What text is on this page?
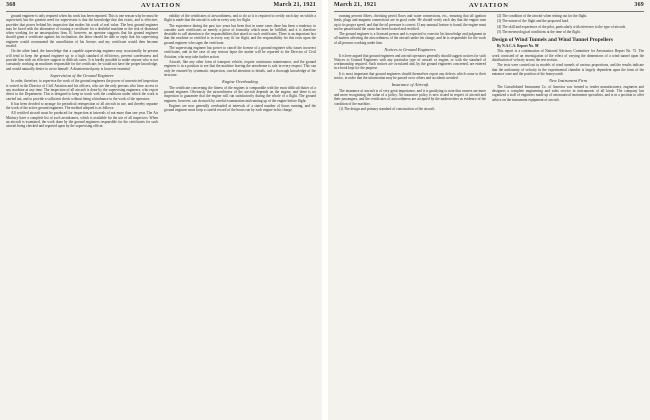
368	AVIATION	March 21, 1921

ground engineer is only required when his work has been repaired. This is one reason why he must be supervised, but the greatest need for supervision is that the knowledge that this exists, and is effective, provides that power behind his inspection that makes his work of real value. The best ground engineer may be faced with the alternative of issuing a certificate for a doubtful machine or the risk of dismissal when working for an unscrupulous firm. If, however, an operator suggests that his ground engineer should grant a certificate against his inclination, the latter should be able to reply that his supervising engineer would recommend the cancellation of his license, and my certificate would then become invalid.

On the other hand, the knowledge that a capable supervising engineer may occasionally be present will tend to keep the ground engineer up to a high standard of efficiency, prevent carelessness and provide him with an effective support in difficult cases. It is hardly possible to make anyone who is not constantly working on machines responsible for the certificate; he would not have the proper knowledge, and would naturally desire to cover himself. A disinterested party is however essential.

Supervision of the Ground Engineer

In order, therefore, to supervise the work of the ground engineers the power of unrestricted inspection is vested in the Director of Civil Aviation and his officers, who are the only persons who have access to any machine at any time. The inspection of all aircraft is done by the supervising engineers, who report direct to the Department. This is designed to keep in touch with the conditions under which the work is carried out, and to provide a sufficient check without being a hindrance to the work of the operators.

It has been decided to arrange for periodical reinspection of all aircraft in use, and thereby separate the work of the active ground engineers. The method adopted is as follows:

All certified aircraft must be produced for inspection at intervals of not more than one year. The Air Ministry have a complete list of such aerodromes, which is available for the use of all inspectors. When an aircraft is examined, the work done by the ground engineers responsible for the certificates for such aircraft being checked and reported upon by the supervising officer.

validity of the certificates of airworthiness, and to do so it is required to certify each day on which a flight is made that the aircraft is safe in every way for flight.

The experience during the past two years has been that in some cases there has been a tendency to consider such certificates as merely a piece of formality which must be fulfilled, and it is therefore desirable to call attention to the responsibilities that attach to such certificates. There is an important fact that the machine so certified is in every way fit for flight, and the responsibility for this rests upon the ground engineer who signs the certificate.

The supervising engineer has power to cancel the license of a ground engineer who issues incorrect certificates, and in the case of any serious lapse the matter will be reported to the Director of Civil Aviation, who may take further action.

Aircraft, like any other form of transport vehicle, require continuous maintenance, and the ground engineer is in a position to see that the machine leaving the aerodrome is safe in every respect. This can only be ensured by systematic inspection, careful attention to details, and a thorough knowledge of the structure.

Engine Overhauling

The certificate concerning the fitness of the engines is comparable with the most difficult duties of a ground engineer. Obviously the airworthiness of the aircraft depends on the engine, and there is no inspection to guarantee that the engine will run satisfactorily during the whole of a flight. The ground engineer, however, can do much by careful examination and running up of the engine before flight.

Engines are now generally overhauled at intervals of a stated number of hours running, and the ground engineer must keep a careful record of the hours run by each engine in his charge.

March 21, 1921	AVIATION	369

running percent filters, checking petrol flows and water connections, etc., ensuring that all ignition leads, plugs and magneto connections are in good order. He should verify each day that the engine runs up to its proper speed, and that the oil pressure is correct. If any unusual feature is found, the engine must not be passed until the cause has been located and rectified.

The ground engineer is a licensed person and is expected to exercise his knowledge and judgment in all matters affecting the airworthiness of the aircraft under his charge, and he is responsible for the work of all persons working under him.

Notices to Ground Engineers

It is here argued that ground engineers and aircraft operators generally should suggest notices for such Notices to Ground Engineers with any particular type of aircraft or engine, or with the standard of workmanship required. Such notices are circulated and, by the ground engineers concerned, are entered in a book kept for the purpose.

It is most important that ground engineers should themselves report any defects which come to their notice, in order that the information may be passed on to others and accidents avoided.

Insurance of Aircraft

The insurance of aircraft is of very great importance, and it is gratifying to note that owners are more and more recognizing the value of a policy. An insurance policy is now issued in respect of aircraft and their passengers, and the certificates of airworthiness are accepted by the underwriters as evidence of the condition of the machine.

(1) The design and primary standard of construction of the aircraft.

(2) The condition of the aircraft when setting out for the flight.

(3) The nature of the flight and the proposed load.

(4) The skill and experience of the pilot, particularly with reference to the type of aircraft.

(5) The meteorological conditions at the time of the flight.

Design of Wind Tunnels and Wind Tunnel Propellers

By N.A.C.A. Report No. 98

This report is a continuation of National Advisory Committee for Aeronautics Report No. 73. The work consisted of an investigation of the effect of varying the dimensions of a wind tunnel upon the distribution of velocity across the test section.

The tests were carried out in models of wind tunnels of various proportions, and the results indicate that the uniformity of velocity in the experimental chamber is largely dependent upon the form of the entrance cone and the position of the honeycomb.

New Instrument Firm

The Consolidated Instrument Co. of America was formed to render manufacturers, engineers and designers a complete engineering and sales service in instruments of all kinds. The company has organized a staff of engineers made up of aeronautical instrument specialists, and is in a position to offer advice on the instrument equipment of aircraft.
